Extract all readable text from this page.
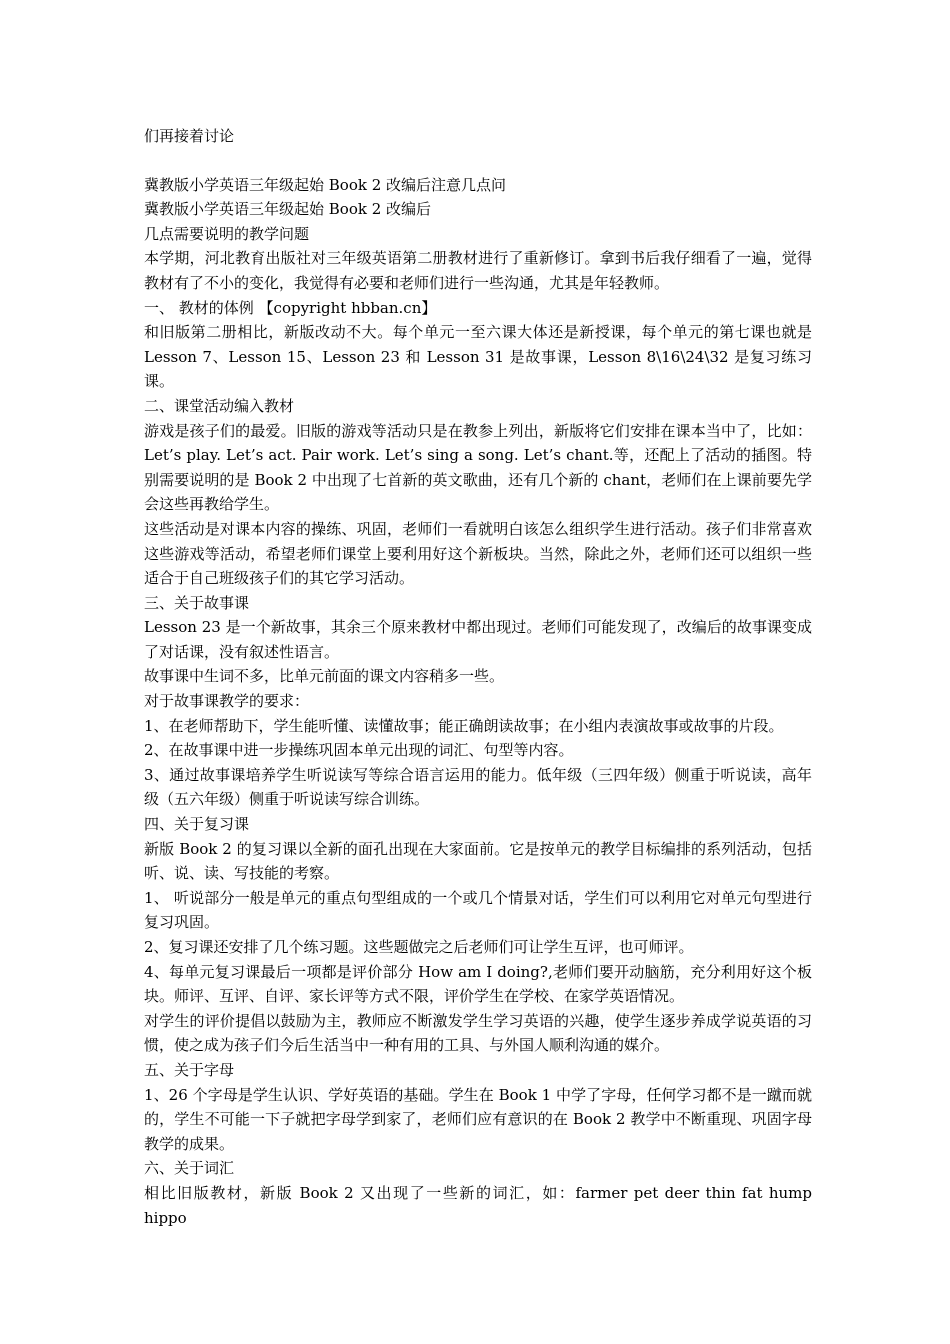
们再接着讨论

冀教版小学英语三年级起始 Book 2 改编后注意几点问

冀教版小学英语三年级起始 Book 2 改编后

几点需要说明的教学问题

本学期，河北教育出版社对三年级英语第二册教材进行了重新修订。拿到书后我仔细看了一遍，觉得教材有了不小的变化，我觉得有必要和老师们进行一些沟通，尤其是年轻教师。

一、 教材的体例 【copyright hbban.cn】

和旧版第二册相比，新版改动不大。每个单元一至六课大体还是新授课，每个单元的第七课也就是 Lesson 7、Lesson 15、Lesson 23 和 Lesson 31 是故事课，Lesson 8\16\24\32 是复习练习课。

二、课堂活动编入教材

游戏是孩子们的最爱。旧版的游戏等活动只是在教参上列出，新版将它们安排在课本当中了，比如：Let’s play. Let’s act. Pair work. Let’s sing a song. Let’s chant.等，还配上了活动的插图。特别需要说明的是 Book 2 中出现了七首新的英文歌曲，还有几个新的 chant，老师们在上课前要先学会这些再教给学生。

这些活动是对课本内容的操练、巩固，老师们一看就明白该怎么组织学生进行活动。孩子们非常喜欢这些游戏等活动，希望老师们课堂上要利用好这个新板块。当然，除此之外，老师们还可以组织一些适合于自己班级孩子们的其它学习活动。

三、关于故事课

Lesson 23 是一个新故事，其余三个原来教材中都出现过。老师们可能发现了，改编后的故事课变成了对话课，没有叙述性语言。

故事课中生词不多，比单元前面的课文内容稍多一些。

对于故事课教学的要求：

1、在老师帮助下，学生能听懂、读懂故事；能正确朗读故事；在小组内表演故事或故事的片段。

2、在故事课中进一步操练巩固本单元出现的词汇、句型等内容。

3、通过故事课培养学生听说读写等综合语言运用的能力。低年级（三四年级）侧重于听说读，高年级（五六年级）侧重于听说读写综合训练。

四、关于复习课

新版 Book 2 的复习课以全新的面孔出现在大家面前。它是按单元的教学目标编排的系列活动，包括听、说、读、写技能的考察。

1、 听说部分一般是单元的重点句型组成的一个或几个情景对话，学生们可以利用它对单元句型进行复习巩固。

2、复习课还安排了几个练习题。这些题做完之后老师们可让学生互评，也可师评。

4、每单元复习课最后一项都是评价部分 How am I doing?,老师们要开动脑筋，充分利用好这个板块。师评、互评、自评、家长评等方式不限，评价学生在学校、在家学英语情况。

对学生的评价提倡以鼓励为主，教师应不断激发学生学习英语的兴趣，使学生逐步养成学说英语的习惯，使之成为孩子们今后生活当中一种有用的工具、与外国人顺利沟通的媒介。

五、关于字母

1、26 个字母是学生认识、学好英语的基础。学生在 Book 1 中学了字母，任何学习都不是一蹴而就的，学生不可能一下子就把字母学到家了，老师们应有意识的在 Book 2 教学中不断重现、巩固字母教学的成果。

六、关于词汇

相比旧版教材，新版 Book 2 又出现了一些新的词汇，如：farmer pet deer thin fat hump hippo
